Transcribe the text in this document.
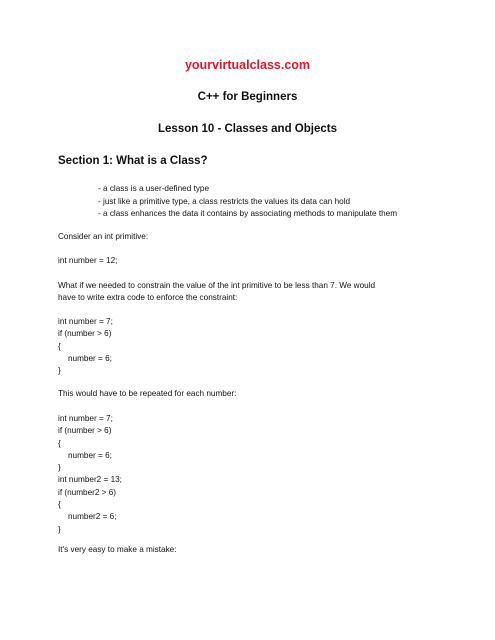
yourvirtualclass.com
C++ for Beginners
Lesson 10 - Classes and Objects
Section 1: What is a Class?
- a class is a user-defined type
- just like a primitive type, a class restricts the values its data can hold
- a class enhances the data it contains by associating methods to manipulate them
Consider an int primitive:
int number = 12;
What if we needed to constrain the value of the int primitive to be less than 7. We would
have to write extra code to enforce the constraint:
int number = 7;
if (number > 6)
{
number = 6;
}
This would have to be repeated for each number:
int number = 7;
if (number > 6)
{
number = 6;
}
int number2 = 13;
if (number2 > 6)
{
number2 = 6;
}
It's very easy to make a mistake:
